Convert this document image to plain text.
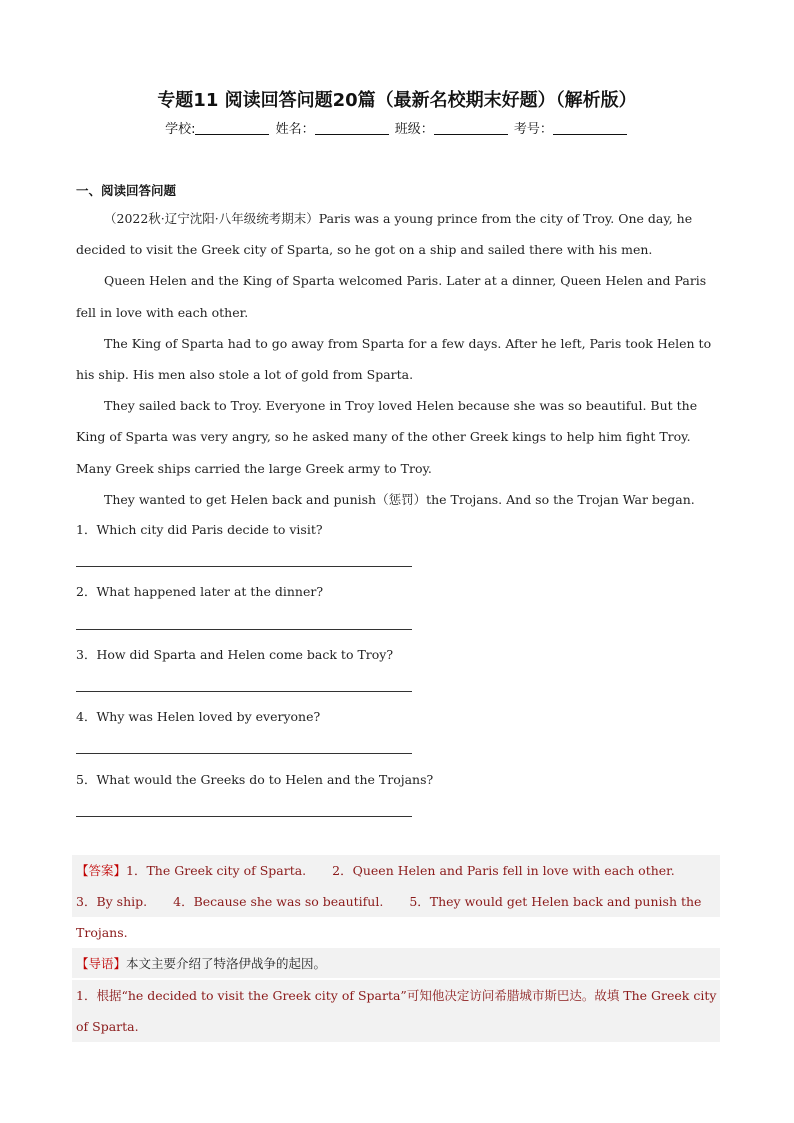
专题11 阅读回答问题20篇（最新名校期末好题）（解析版）
学校:	姓名：	班级：	考号：
一、阅读回答问题

（2022秋·辽宁沈阳·八年级统考期末）Paris was a young prince from the city of Troy. One day, he decided to visit the Greek city of Sparta, so he got on a ship and sailed there with his men.

Queen Helen and the King of Sparta welcomed Paris. Later at a dinner, Queen Helen and Paris fell in love with each other.

The King of Sparta had to go away from Sparta for a few days. After he left, Paris took Helen to his ship. His men also stole a lot of gold from Sparta.

They sailed back to Troy. Everyone in Troy loved Helen because she was so beautiful. But the King of Sparta was very angry, so he asked many of the other Greek kings to help him fight Troy. Many Greek ships carried the large Greek army to Troy.

They wanted to get Helen back and punish（惩罚）the Trojans. And so the Trojan War began.

1．Which city did Paris decide to visit?
2．What happened later at the dinner?
3．How did Sparta and Helen come back to Troy?
4．Why was Helen loved by everyone?
5．What would the Greeks do to Helen and the Trojans?
【答案】1．The Greek city of Sparta. 2．Queen Helen and Paris fell in love with each other.3．By ship. 4．Because she was so beautiful. 5．They would get Helen back and punish the Trojans.
【导语】本文主要介绍了特洛伊战争的起因。
1．根据“he decided to visit the Greek city of Sparta”可知他决定访问希腊城市斯巴达。故填 The Greek city of Sparta.
